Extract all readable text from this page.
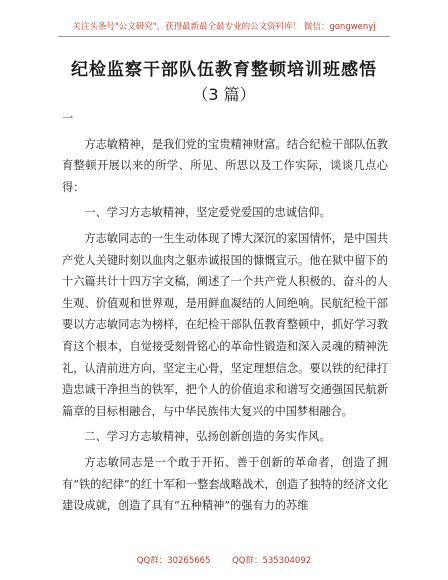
关注头条号"公文研究"，获得最新最全最专业的公文资料库！ 微信：gongwenyj
纪检监察干部队伍教育整顿培训班感悟
（3 篇）

一

方志敏精神，是我们党的宝贵精神财富。结合纪检干部队伍教育整顿开展以来的所学、所见、所思以及工作实际，谈谈几点心得：

一、学习方志敏精神，坚定爱党爱国的忠诚信仰。

方志敏同志的一生生动体现了博大深沉的家国情怀，是中国共产党人关键时刻以血肉之躯赤诚报国的慷慨宣示。他在狱中留下的十六篇共计十四万字文稿，阐述了一个共产党人积极的、奋斗的人生观、价值观和世界观，是用鲜血凝结的人间绝响。民航纪检干部要以方志敏同志为榜样，在纪检干部队伍教育整顿中，抓好学习教育这个根本，自觉接受刻骨铭心的革命性锻造和深入灵魂的精神洗礼，认清前进方向，坚定主心骨，坚定理想信念。要以铁的纪律打造忠诚干净担当的铁军，把个人的价值追求和谱写交通强国民航新篇章的目标相融合，与中华民族伟大复兴的中国梦相融合。

二、学习方志敏精神，弘扬创新创造的务实作风。

方志敏同志是一个敢于开拓、善于创新的革命者，创造了拥有“铁的纪律”的红十军和一整套战略战术，创造了独特的经济文化建设成就，创造了具有“五种精神”的强有力的苏维

QQ群：30265665        QQ群：535304092
